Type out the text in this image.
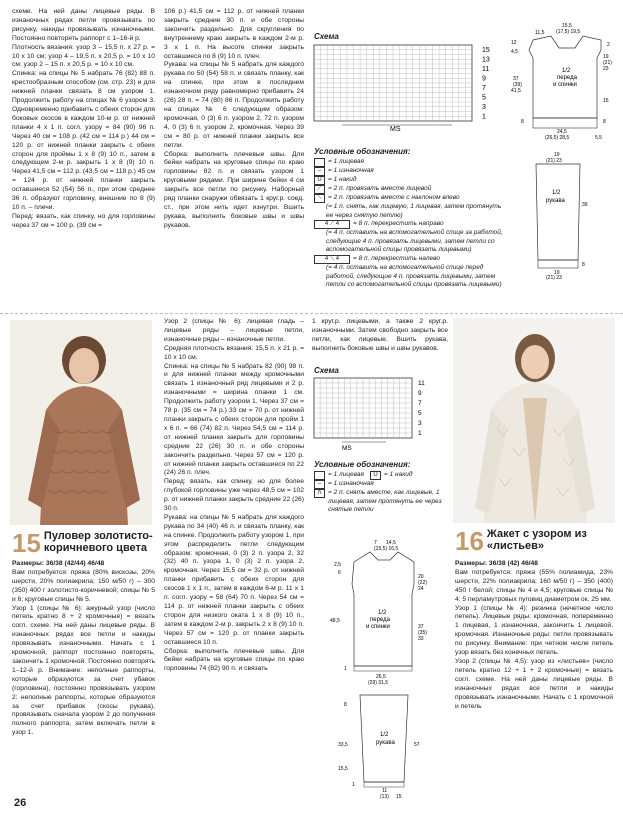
схеме. На ней даны лицевые ряды. В изнаночных рядах петли провязывать по рисунку, накиды провязывать изнаночными. Постоянно повторять раппорт с 1–16-й р.

Плотность вязания: узор 3 – 15,5 п. х 27 р. = 10 х 10 см; узор 4 – 19,5 п. х 20,5 р. = 10 х 10 см; узор 2 – 15 п. х 20,5 р. = 10 х 10 см.

Спинка: на спицы № 5 набрать 76 (82) 88 п. крестообразным способом (см. стр. 23) и для нижней планки связать 8 см узором 1. Продолжить работу на спицах № 6 узором 3. Одновременно прибавить с обеих сторон для боковых скосов в каждом 10-м р. от нижней планки 4 х 1 п. согл. узору = 84 (90) 96 п. Через 40 см = 108 р. (42 см = 114 р.) 44 см = 120 р. от нижней планки закрыть с обеих сторон для проймы 1 х 8 (9) 10 п., затем в следующем 2-м р. закрыть 1 х 8 (9) 10 п. Через 41,5 см = 112 р. (43,5 см = 118 р.) 45 см = 124 р. от нижней планки закрыть оставшиеся 52 (54) 56 п., при этом среднее 36 п. образуют горловину, внешние по 8 (9) 10 п. – плечи.

Перед: вязать, как спинку, но для горловины через 37 см = 100 р. (39 см =

106 р.) 41,5 см = 112 р. от нижней планки закрыть средние 30 п. и обе стороны закончить раздельно. Для скругления по внутреннему краю закрыть в каждом 2-м р. 3 х 1 п. На высоте спинки закрыть оставшиеся по 8 (9) 10 п. плеч.

Рукава: на спицы № 5 набрать для каждого рукава по 50 (54) 58 п. и связать планку, как на спинке, при этом в последнем изнаночном ряду равномерно прибавить 24 (26) 28 п. = 74 (80) 86 п. Продолжить работу на спицах № 6 следующим образом: кромочная, 0 (3) 6 п. узором 2, 72 п. узором 4, 0 (3) 6 п. узором 2, кромочная. Через 39 см = 80 р. от нижней планки закрыть все петли.

Сборка: выполнить плечевые швы. Для бейки набрать на круговые спицы по краю горловины 82 п. и связать узором 1 круговыми рядами. При ширине бейки 4 см закрыть все петли по рисунку. Наборный ряд планки снаружи обвязать 1 круг.р. соед. ст., при этом нить идет изнутри. Вшить рукава, выполнить боковые швы и швы рукавов.

Схема
MS
15
13
11
9
7
5
3
1
Условные обозначения:
= 1 лицевая
–	= 1 изнаночная
U = 1 накид
⟋ = 2 п. провязать вместе лицевой
⟍ = 2 п. провязать вместе с наклоном влево
(= 1 п. снять, как лицевую, 1 лицевая, затем протянуть ее через снятую петлю)
4 ⟋ 4	= 8 п. перекрестить направо
(= 4 п. оставить на вспомогательной спице за работой, следующие 4 п. провязать лицевыми, затем петли со вспомогательной спицы провязать лицевыми)
4 ⟍ 4	= 8 п. перекрестить налево
(= 4 п. оставить на вспомогательной спице перед работой, следующие 4 п. провязать лицевыми, затем петли со вспомогательной спицы провязать лицевыми)
15,5
(17,5) 19,5
11,5
12
4,5
2
19
(21)
23
1/2
переда
и спинки
37
(39)
41,5
15
8	8
24,5
(26,5) 28,5	5,5
19
(21) 23
1/2
рукава
39
8
19
(21) 23
15 Пуловер золотисто-коричневого цвета

Размеры: 36/38 (42/44) 46/48

Вам потребуется: пряжа (80% вискозы, 20% шерсти, 20% полиакрила; 150 м/50 г) – 300 (350) 400 г золотисто-коричневой; спицы № 5 и 6; круговые спицы № 5.

Узор 1 (спицы № 6): ажурный узор (число петель кратно 8 + 2 кромочные) = вязать согл. схеме. На ней даны лицевые ряды. В изнаночных рядах все петли и накиды провязывать изнаночными. Начать с 1 кромочной, раппорт постоянно повторять, закончить 1 кромочной. Постоянно повторять 1–12-й р. Внимание: неполные раппорты, которые образуются за счет убавок (горловина), постоянно провязывать узором 2: неполные раппорты, которые образуются за счет прибавок (скосы рукава), провязывать сначала узором 2 до получения полного раппорта, затем включать петли в узор 1.

Узор 2 (спицы № 6): лицевая гладь – лицевые ряды – лицевые петли, изнаночные ряды – изнаночные петли.

Средняя плотность вязания: 15,5 п. х 21 р. = 10 х 10 см.

Спинка: на спицы № 5 набрать 82 (90) 98 п. и для нижней планки между кромочными связать 1 изнаночный ряд лицевыми и 2 р. изнаночными = ширина планки 1 см. Продолжить работу узором 1. Через 37 см = 78 р. (35 см = 74 р.) 33 см = 70 р. от нижней планки закрыть с обеих сторон для пройм 1 х 6 п. = 66 (74) 82 п. Через 54,5 см = 114 р. от нижней планки закрыть для горловины средние 22 (26) 30 п. и обе стороны закончить раздельно. Через 57 см = 120 р. от нижней планки закрыть оставшиеся по 22 (24) 26 п. плеч.

Перед: вязать, как спинку, но для более глубокой горловины уже через 48,5 см = 102 р. от нижней планки закрыть средние 22 (26) 30 п.

Рукава: на спицы № 5 набрать для каждого рукава по 34 (40) 46 п. и связать планку, как на спинке. Продолжить работу узором 1, при этом распределить петли следующим образом: кромочная, 0 (3) 2 п. узора 2, 32 (32) 40 п. узора 1, 0 (3) 2 п. узора 2, кромочная. Через 15,5 см = 32 р. от нижней планки прибавить с обеих сторон для скосов 1 х 1 п., затем в каждом 6-м р. 11 х 1 п. согл. узору = 58 (64) 70 п. Через 54 см = 114 р. от нижней планки закрыть с обеих сторон для низкого оката 1 х 8 (9) 10 п., затем в каждом 2-м р. закрыть 2 х 8 (9) 10 п. Через 57 см = 120 р. от планки закрыть оставшиеся 10 п.

Сборка: выполнить плечевые швы. Для бейки набрать на круговые спицы по краю горловины 74 (82) 90 п. и связать

1 круг.р. лицевыми, а также 2 круг.р. изнаночными. Затем свободно закрыть все петли, как лицевые. Вшить рукава, выполнить боковые швы и швы рукавов.

Схема
MS
11
9
7
5
3
1
Условные обозначения:
= 1 лицевая	U = 1 накид
–	= 1 изнаночная
Λ	= 2 п. снять вместе, как лицевые, 1 лицевая, затем протянуть ее через снятые петли
7 14,5
(15,5) 16,5
2,5
6
48,5
1/2
переда
и спинки
20
(22)
24
37
(35)
33
26,5
(29) 31,5
1
8
33,5
1/2
рукава	57
15,5
1
11
(13) 15
16 Жакет с узором из «листьев»

Размеры: 36/38 (42) 46/48

Вам потребуется: пряжа (55% полиамида, 23% шерсти, 22% полиакрила; 160 м/50 г) – 350 (400) 450 г белой; спицы № 4 и 4,5; круговые спицы № 4; 5 перламутровых пуговиц диаметром ок. 25 мм.

Узор 1 (спицы № 4): резинка (нечетное число петель). Лицевые ряды: кромочная, попеременно 1 лицевая, 1 изнаночная, закончить 1 лицевой, кромочная. Изнаночные ряды: петли провязывать по рисунку. Внимание: при четном числе петель узор вязать без конечных петель.

Узор 2 (спицы № 4,5): узор из «листьев» (число петель кратно 12 + 1 + 2 кромочные) = вязать согл. схеме. На ней даны лицевые ряды. В изнаночных рядах все петли и накиды провязывать изнаночными. Начать с 1 кромочной и петель

26
